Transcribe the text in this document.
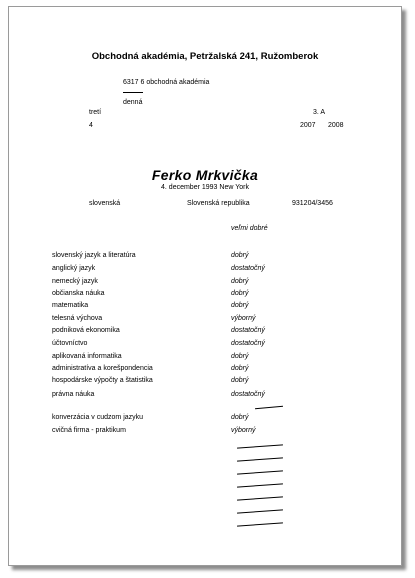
Obchodná akadémia, Petržalská 241, Ružomberok
6317 6 obchodná akadémia
denná
tretí	3. A
4	2007 2008
Ferko Mrkvička
4. december 1993 New York
slovenská	Slovenská republika	931204/3456
veľmi dobré
slovenský jazyk a literatúra	dobrý
anglický jazyk	dostatočný
nemecký jazyk	dobrý
občianska náuka	dobrý
matematika	dobrý
telesná výchova	výborný
podniková ekonomika	dostatočný
účtovníctvo	dostatočný
aplikovaná informatika	dobrý
administratíva a korešpondencia	dobrý
hospodárske výpočty a štatistika	dobrý
právna náuka	dostatočný
konverzácia v cudzom jazyku	dobrý
cvičná firma - praktikum	výborný
